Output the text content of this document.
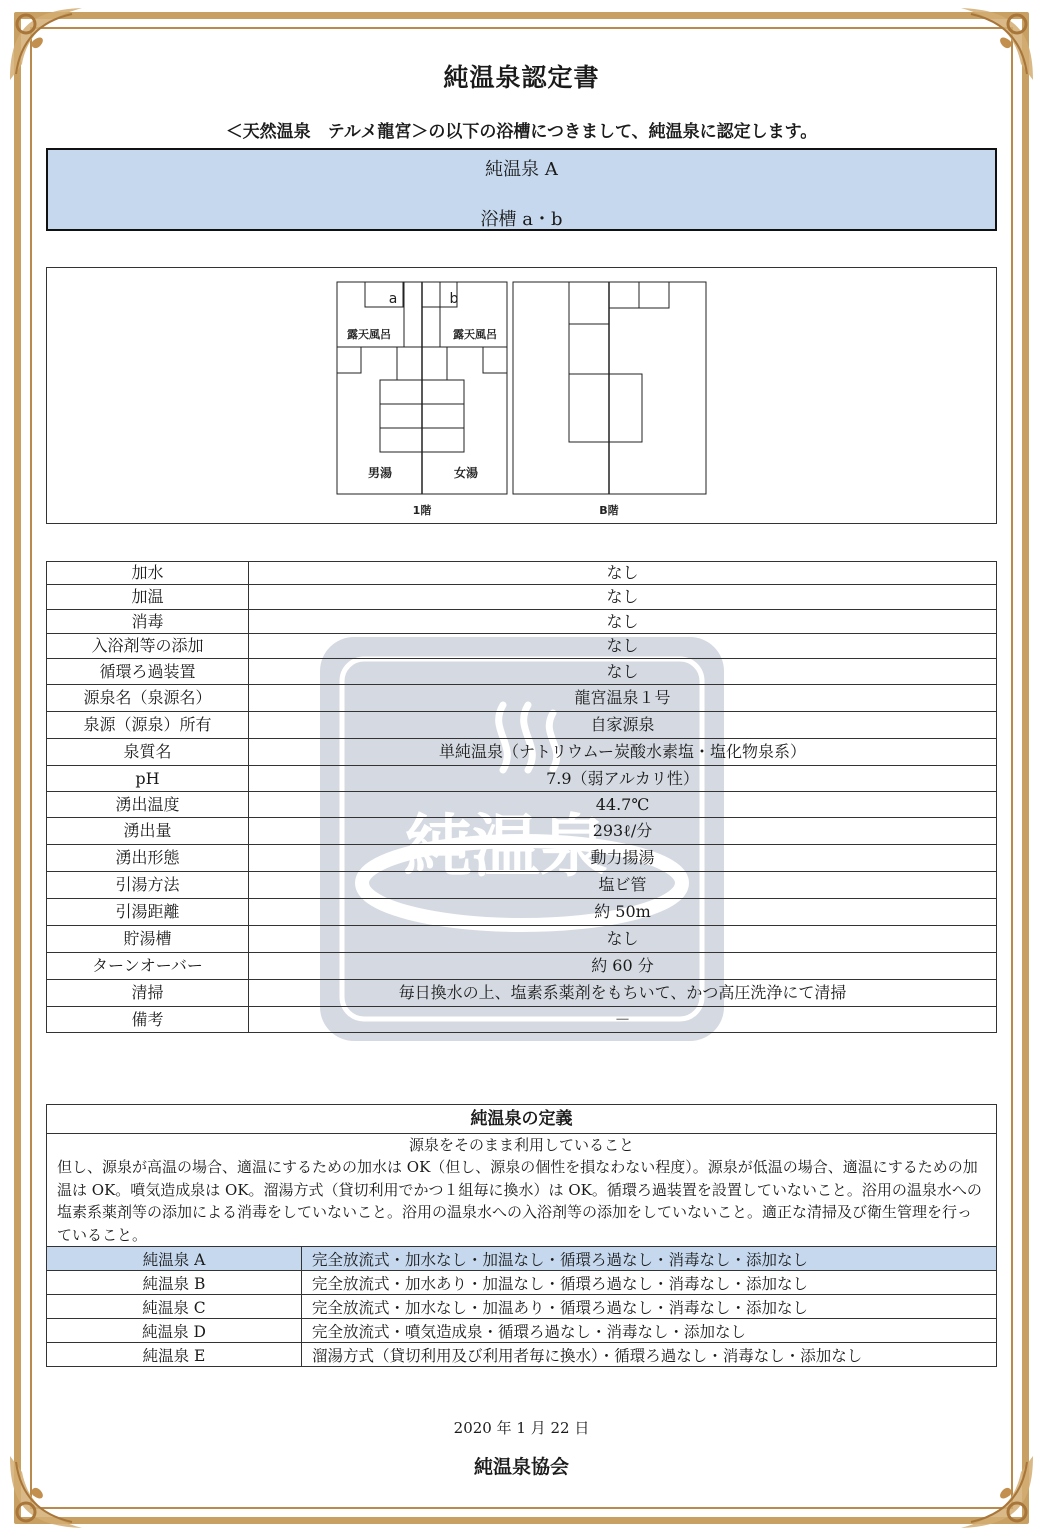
純温泉認定書
＜天然温泉　テルメ龍宮＞の以下の浴槽につきまして、純温泉に認定します。
純温泉 A
浴槽 a・b
a	b
露天風呂	露天風呂
男湯	女湯
1階	B階
純温泉
加水	なし
加温	なし
消毒	なし
入浴剤等の添加	なし
循環ろ過装置	なし
源泉名（泉源名）	龍宮温泉１号
泉源（源泉）所有	自家源泉
泉質名	単純温泉（ナトリウムー炭酸水素塩・塩化物泉系）
pH	7.9（弱アルカリ性）
湧出温度	44.7℃
湧出量	293ℓ/分
湧出形態	動力揚湯
引湯方法	塩ビ管
引湯距離	約 50m
貯湯槽	なし
ターンオーバー	約 60 分
清掃	毎日換水の上、塩素系薬剤をもちいて、かつ高圧洗浄にて清掃
備考	－
純温泉の定義
源泉をそのまま利用していること
但し、源泉が高温の場合、適温にするための加水は OK（但し、源泉の個性を損なわない程度）。源泉が低温の場合、適温にするための加温は OK。噴気造成泉は OK。溜湯方式（貸切利用でかつ１組毎に換水）は OK。循環ろ過装置を設置していないこと。浴用の温泉水への塩素系薬剤等の添加による消毒をしていないこと。浴用の温泉水への入浴剤等の添加をしていないこと。適正な清掃及び衛生管理を行っていること。
純温泉 A	完全放流式・加水なし・加温なし・循環ろ過なし・消毒なし・添加なし
純温泉 B	完全放流式・加水あり・加温なし・循環ろ過なし・消毒なし・添加なし
純温泉 C	完全放流式・加水なし・加温あり・循環ろ過なし・消毒なし・添加なし
純温泉 D	完全放流式・噴気造成泉・循環ろ過なし・消毒なし・添加なし
純温泉 E	溜湯方式（貸切利用及び利用者毎に換水）・循環ろ過なし・消毒なし・添加なし
2020 年 1 月 22 日
純温泉協会
